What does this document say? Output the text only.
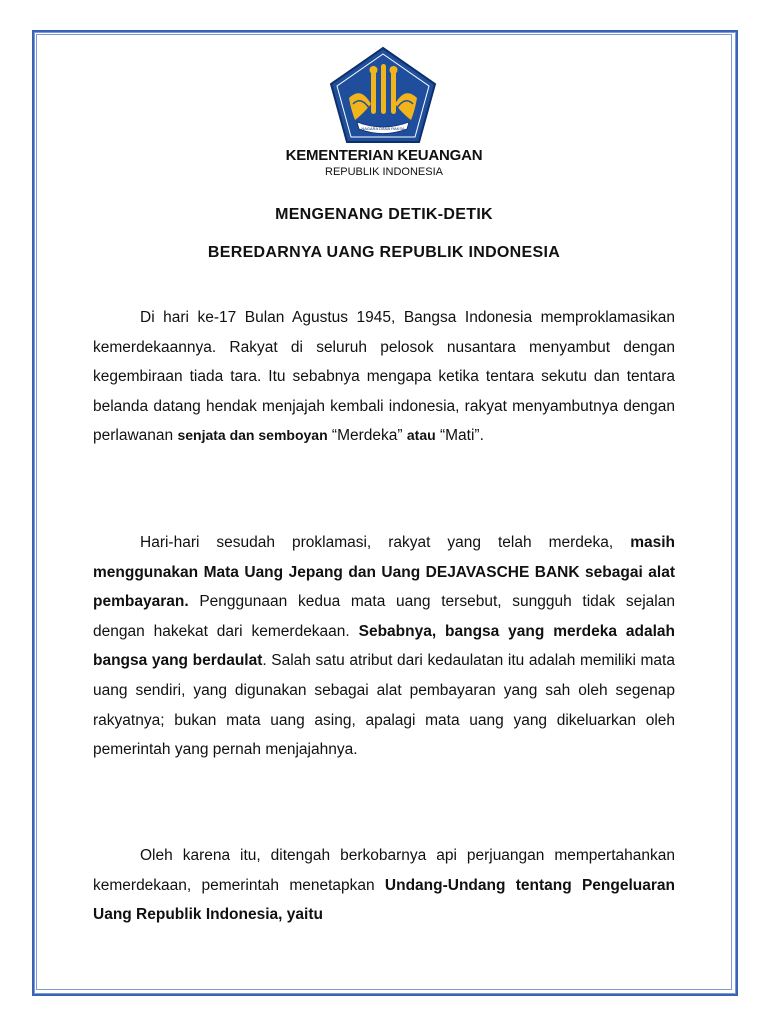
NAGARA DANA RAKSA
KEMENTERIAN KEUANGAN
REPUBLIK INDONESIA
MENGENANG DETIK-DETIK
BEREDARNYA UANG REPUBLIK INDONESIA
Di hari ke-17 Bulan Agustus 1945, Bangsa Indonesia memproklamasikan kemerdekaannya. Rakyat di seluruh pelosok nusantara menyambut dengan kegembiraan tiada tara. Itu sebabnya mengapa ketika tentara sekutu dan tentara belanda datang hendak menjajah kembali indonesia, rakyat menyambutnya dengan perlawanan senjata dan semboyan “Merdeka” atau “Mati”.
Hari-hari sesudah proklamasi, rakyat yang telah merdeka, masih menggunakan Mata Uang Jepang dan Uang DEJAVASCHE BANK sebagai alat pembayaran. Penggunaan kedua mata uang tersebut, sungguh tidak sejalan dengan hakekat dari kemerdekaan. Sebabnya, bangsa yang merdeka adalah bangsa yang berdaulat. Salah satu atribut dari kedaulatan itu adalah memiliki mata uang sendiri, yang digunakan sebagai alat pembayaran yang sah oleh segenap rakyatnya; bukan mata uang asing, apalagi mata uang yang dikeluarkan oleh pemerintah yang pernah menjajahnya.
Oleh karena itu, ditengah berkobarnya api perjuangan mempertahankan kemerdekaan, pemerintah menetapkan Undang-Undang tentang Pengeluaran Uang Republik Indonesia, yaitu
